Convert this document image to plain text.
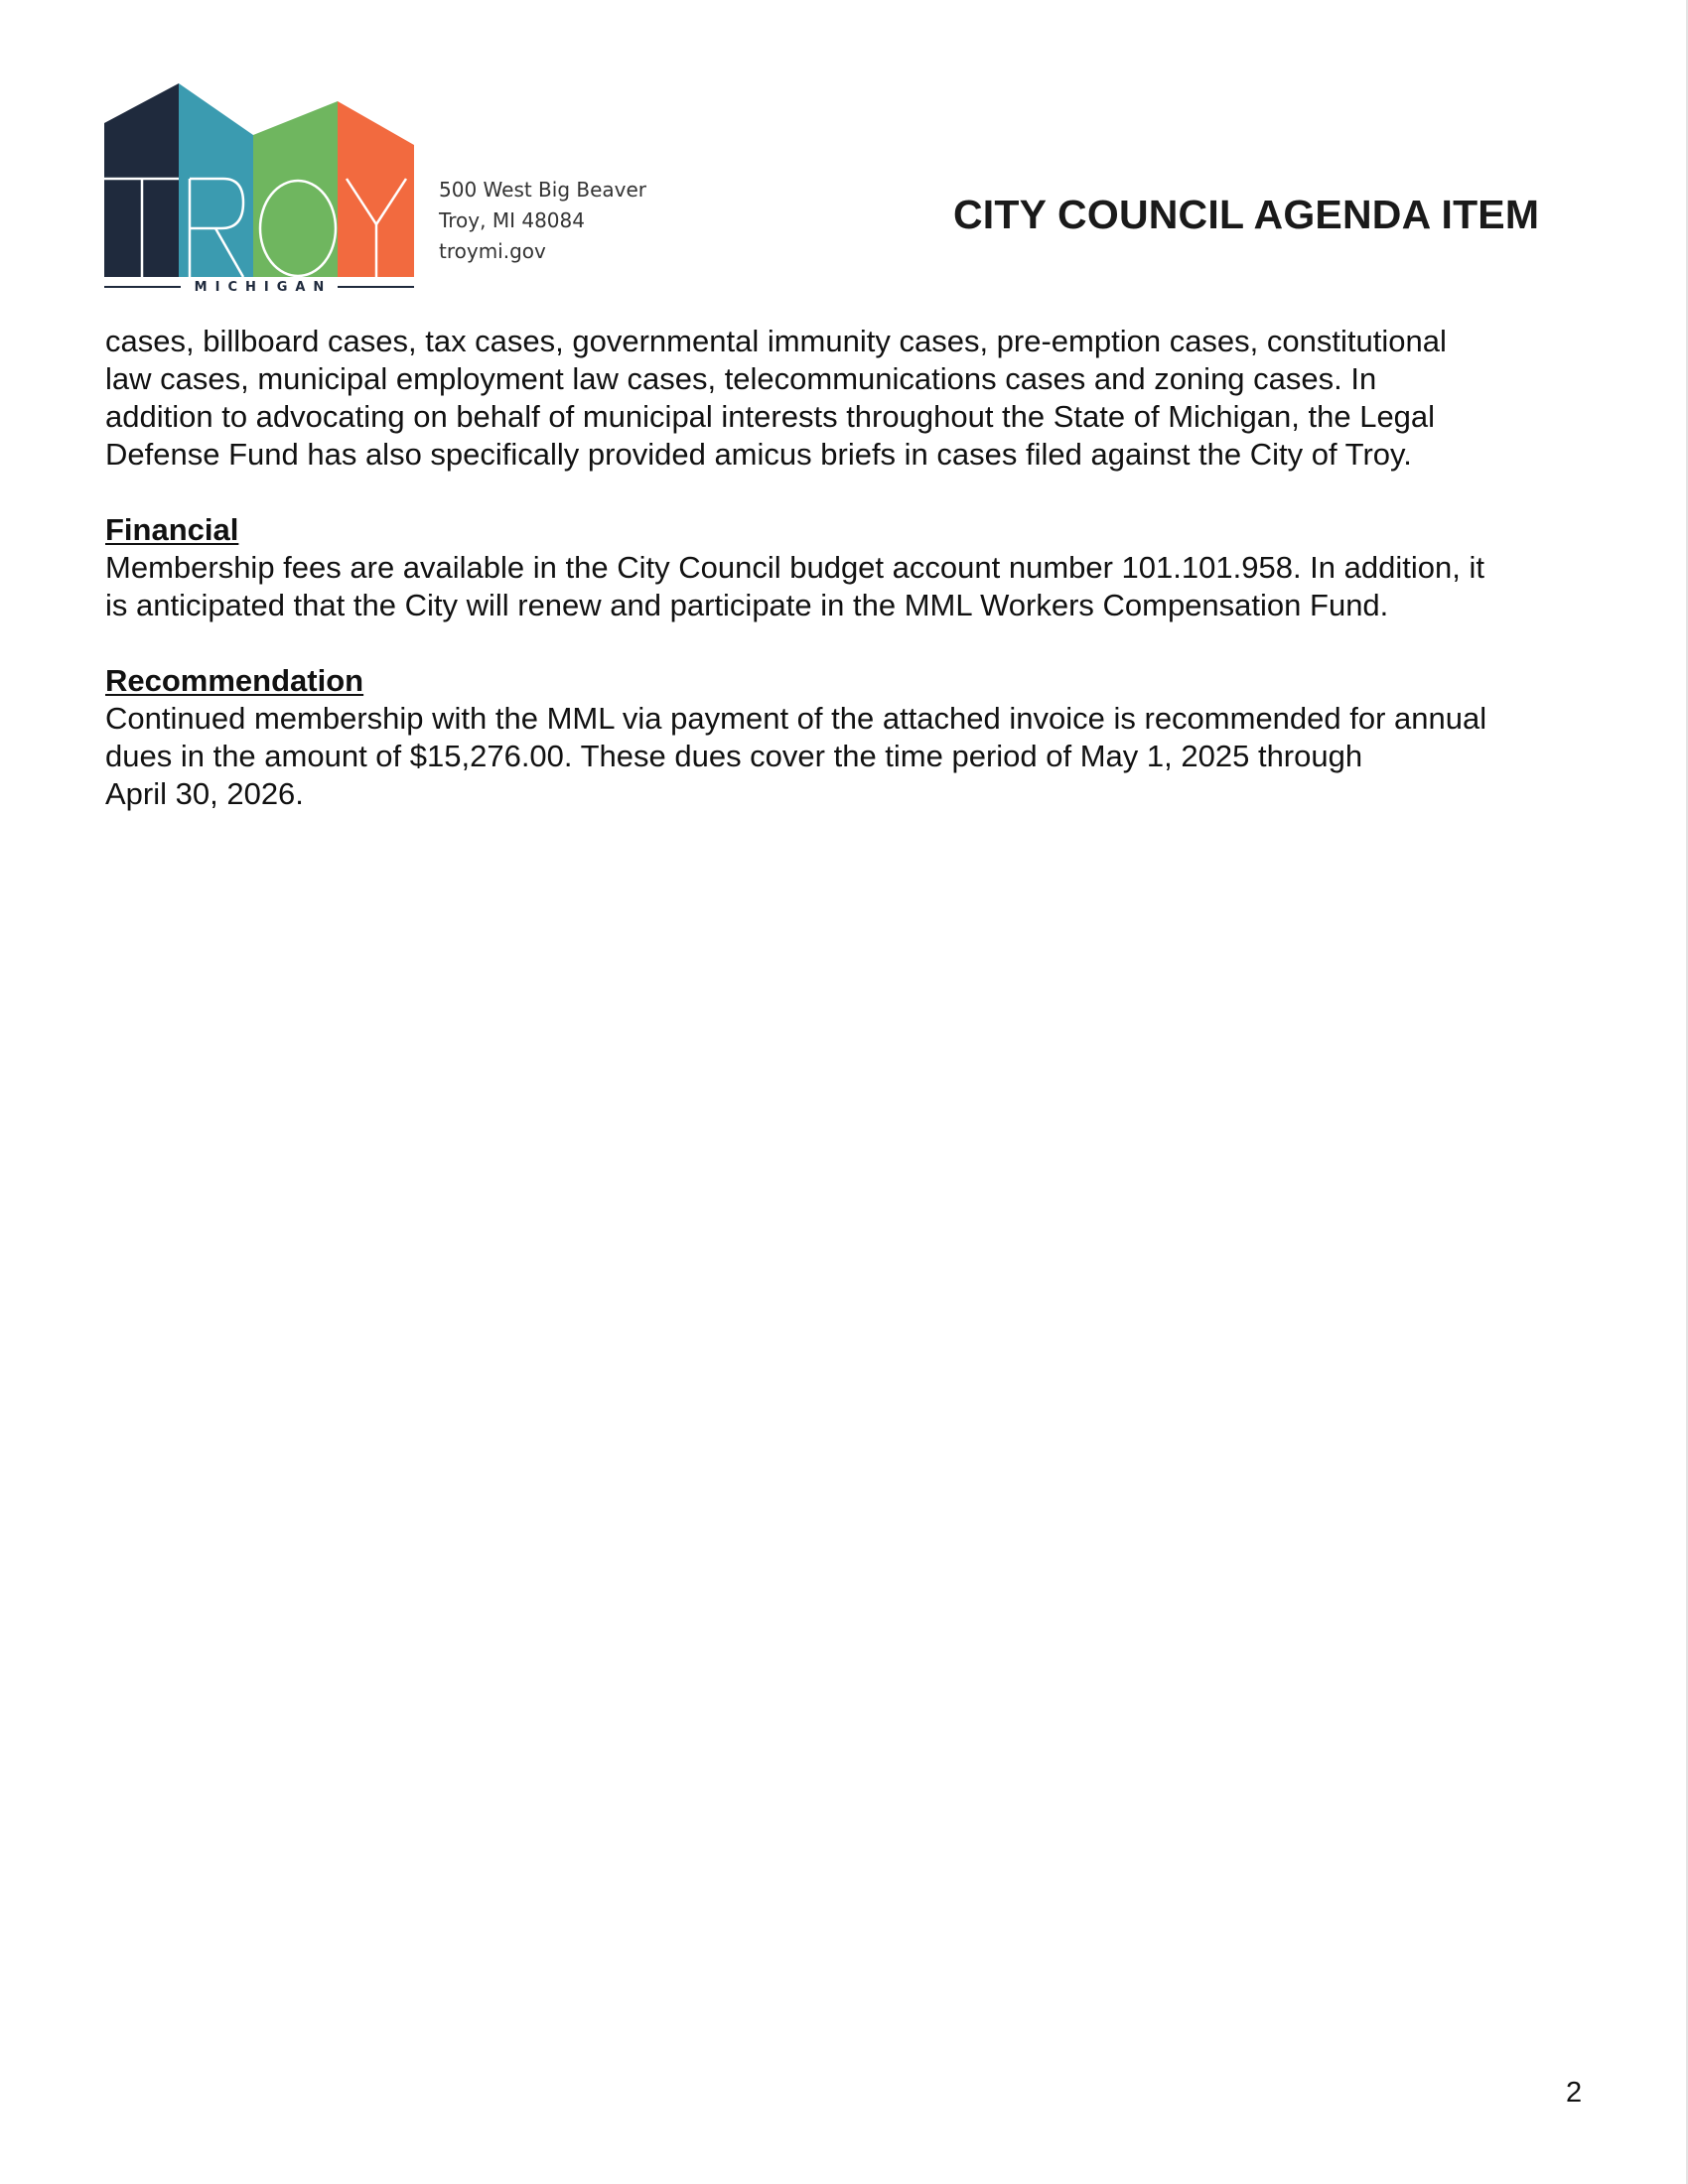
MICHIGAN
500 West Big Beaver
Troy, MI 48084
troymi.gov
CITY COUNCIL AGENDA ITEM

cases, billboard cases, tax cases, governmental immunity cases, pre-emption cases, constitutional
law cases, municipal employment law cases, telecommunications cases and zoning cases. In
addition to advocating on behalf of municipal interests throughout the State of Michigan, the Legal
Defense Fund has also specifically provided amicus briefs in cases filed against the City of Troy.

Financial

Membership fees are available in the City Council budget account number 101.101.958. In addition, it
is anticipated that the City will renew and participate in the MML Workers Compensation Fund.

Recommendation

Continued membership with the MML via payment of the attached invoice is recommended for annual
dues in the amount of $15,276.00. These dues cover the time period of May 1, 2025 through
April 30, 2026.

2
